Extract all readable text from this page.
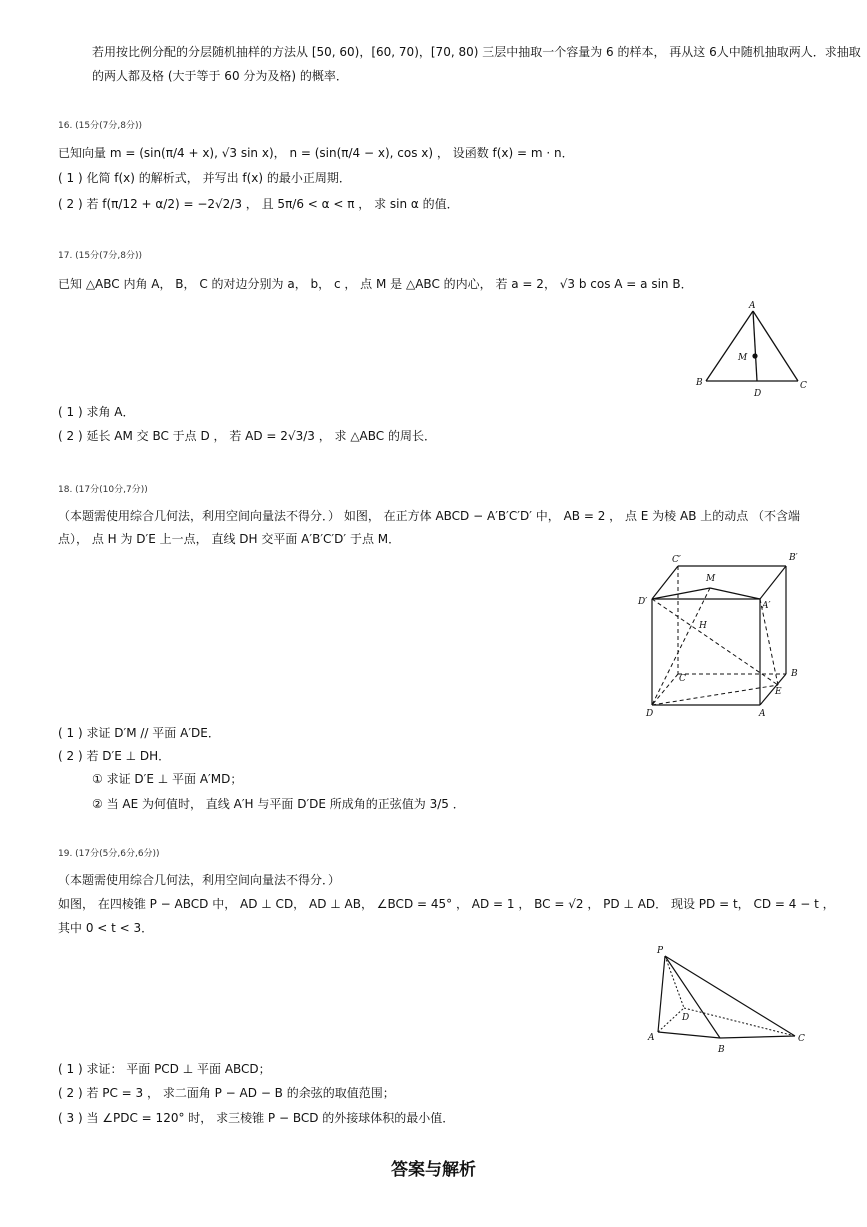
若用按比例分配的分层随机抽样的方法从 [50, 60)，[60, 70)，[70, 80) 三层中抽取一个容量为 6 的样本， 再从这 6人中随机抽取两人．求抽取
的两人都及格 (大于等于 60 分为及格) 的概率．
16. (15分(7分,8分))
已知向量 m = (sin(π/4 + x), √3 sin x)， n = (sin(π/4 − x), cos x) ， 设函数 f(x) = m · n．
( 1 ) 化简 f(x) 的解析式， 并写出 f(x) 的最小正周期．
( 2 ) 若 f(π/12 + α/2) = −2√2/3 ， 且 5π/6 < α < π ， 求 sin α 的值．
17. (15分(7分,8分))
已知 △ABC 内角 A， B， C 的对边分别为 a， b， c ， 点 M 是 △ABC 的内心， 若 a = 2， √3 b cos A = a sin B．
A
B	C
D
M
( 1 ) 求角 A．
( 2 ) 延长 AM 交 BC 于点 D ， 若 AD = 2√3/3 ， 求 △ABC 的周长．
18. (17分(10分,7分))
（本题需使用综合几何法，利用空间向量法不得分．） 如图， 在正方体 ABCD − A′B′C′D′ 中， AB = 2 ， 点 E 为棱 AB 上的动点 （不含端
点）， 点 H 为 D′E 上一点， 直线 DH 交平面 A′B′C′D′ 于点 M．
C′	B′
M
D′	A′
H
C	B
E
D	A
( 1 ) 求证 D′M // 平面 A′DE．
( 2 ) 若 D′E ⊥ DH．
① 求证 D′E ⊥ 平面 A′MD；
② 当 AE 为何值时， 直线 A′H 与平面 D′DE 所成角的正弦值为 3/5 ．
19. (17分(5分,6分,6分))
（本题需使用综合几何法，利用空间向量法不得分．）
如图， 在四棱锥 P − ABCD 中， AD ⊥ CD， AD ⊥ AB， ∠BCD = 45° ， AD = 1 ， BC = √2 ， PD ⊥ AD． 现设 PD = t， CD = 4 − t ，
其中 0 < t < 3．
P
D
A
B
C
( 1 ) 求证： 平面 PCD ⊥ 平面 ABCD；
( 2 ) 若 PC = 3 ， 求二面角 P − AD − B 的余弦的取值范围；
( 3 ) 当 ∠PDC = 120° 时， 求三棱锥 P − BCD 的外接球体积的最小值．
答案与解析
